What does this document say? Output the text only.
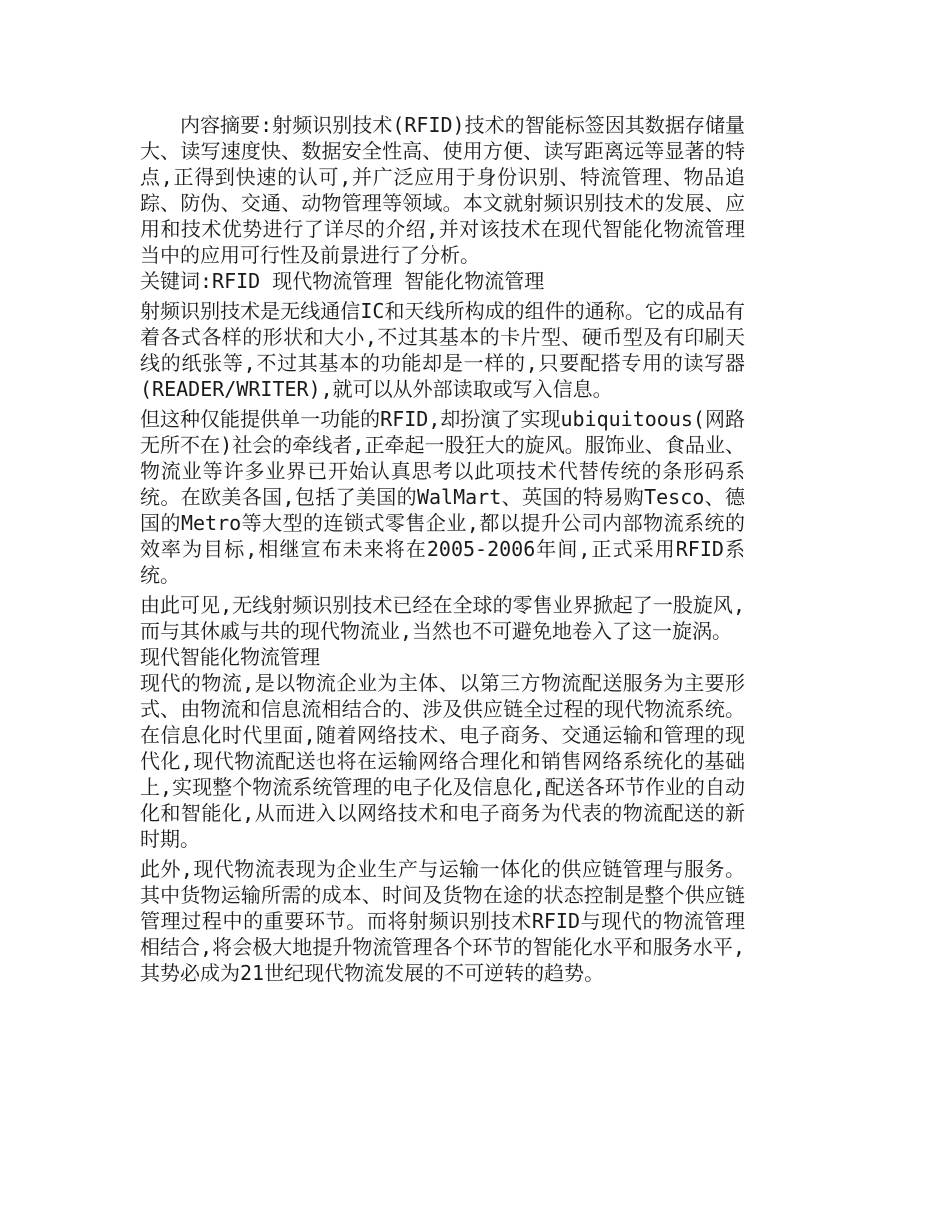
内容摘要:射频识别技术(RFID)技术的智能标签因其数据存储量大、读写速度快、数据安全性高、使用方便、读写距离远等显著的特点,正得到快速的认可,并广泛应用于身份识别、特流管理、物品追踪、防伪、交通、动物管理等领域。本文就射频识别技术的发展、应用和技术优势进行了详尽的介绍,并对该技术在现代智能化物流管理当中的应用可行性及前景进行了分析。

关键词:RFID 现代物流管理 智能化物流管理

射频识别技术是无线通信IC和天线所构成的组件的通称。它的成品有着各式各样的形状和大小,不过其基本的卡片型、硬币型及有印刷天线的纸张等,不过其基本的功能却是一样的,只要配搭专用的读写器(READER/WRITER),就可以从外部读取或写入信息。

但这种仅能提供单一功能的RFID,却扮演了实现ubiquitoous(网路无所不在)社会的牵线者,正牵起一股狂大的旋风。服饰业、食品业、物流业等许多业界已开始认真思考以此项技术代替传统的条形码系统。在欧美各国,包括了美国的WalMart、英国的特易购Tesco、德国的Metro等大型的连锁式零售企业,都以提升公司内部物流系统的效率为目标,相继宣布未来将在2005-2006年间,正式采用RFID系统。

由此可见,无线射频识别技术已经在全球的零售业界掀起了一股旋风,而与其休戚与共的现代物流业,当然也不可避免地卷入了这一旋涡。

现代智能化物流管理

现代的物流,是以物流企业为主体、以第三方物流配送服务为主要形式、由物流和信息流相结合的、涉及供应链全过程的现代物流系统。在信息化时代里面,随着网络技术、电子商务、交通运输和管理的现代化,现代物流配送也将在运输网络合理化和销售网络系统化的基础上,实现整个物流系统管理的电子化及信息化,配送各环节作业的自动化和智能化,从而进入以网络技术和电子商务为代表的物流配送的新时期。

此外,现代物流表现为企业生产与运输一体化的供应链管理与服务。其中货物运输所需的成本、时间及货物在途的状态控制是整个供应链管理过程中的重要环节。而将射频识别技术RFID与现代的物流管理相结合,将会极大地提升物流管理各个环节的智能化水平和服务水平,其势必成为21世纪现代物流发展的不可逆转的趋势。
